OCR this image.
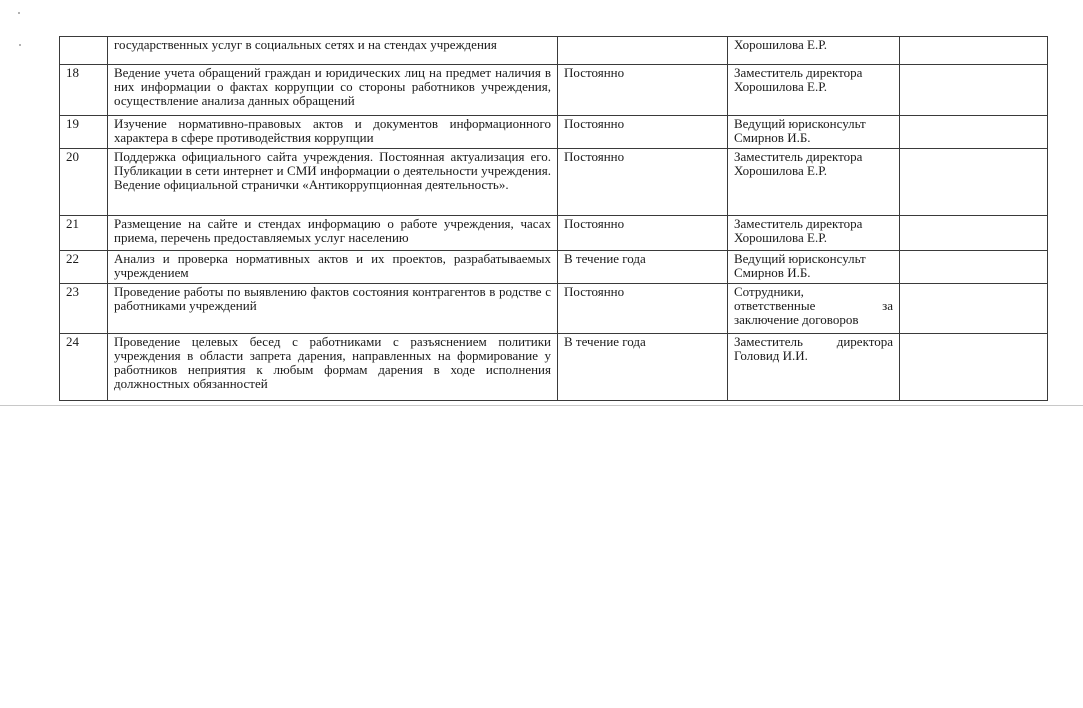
	государственных услуг в социальных сетях и на стендах учреждения		Хорошилова Е.Р.	

18	Ведение учета обращений граждан и юридических лиц на предмет наличия в них информации о фактах коррупции со стороны работников учреждения, осуществление анализа данных обращений	Постоянно	Заместитель директора
Хорошилова Е.Р.	

19	Изучение нормативно-правовых актов и документов информационного характера в сфере противодействия коррупции	Постоянно	Ведущий юрисконсульт
Смирнов И.Б.	

20	Поддержка официального сайта учреждения. Постоянная актуализация его. Публикации в сети интернет и СМИ информации о деятельности учреждения. Ведение официальной странички «Антикоррупционная деятельность».	Постоянно	Заместитель директора
Хорошилова Е.Р.	

21	Размещение на сайте и стендах информацию о работе учреждения, часах приема, перечень предоставляемых услуг населению	Постоянно	Заместитель директора
Хорошилова Е.Р.	

22	Анализ и проверка нормативных актов и их проектов, разрабатываемых учреждением	В течение года	Ведущий юрисконсульт
Смирнов И.Б.	

23	Проведение работы по выявлению фактов состояния контрагентов в родстве с работниками учреждений	Постоянно	Сотрудники,
ответственные за
заключение договоров	

24	Проведение целевых бесед с работниками с разъяснением политики учреждения в области запрета дарения, направленных на формирование у работников неприятия к любым формам дарения в ходе исполнения должностных обязанностей	В течение года	Заместитель директора
Головид И.И.	
